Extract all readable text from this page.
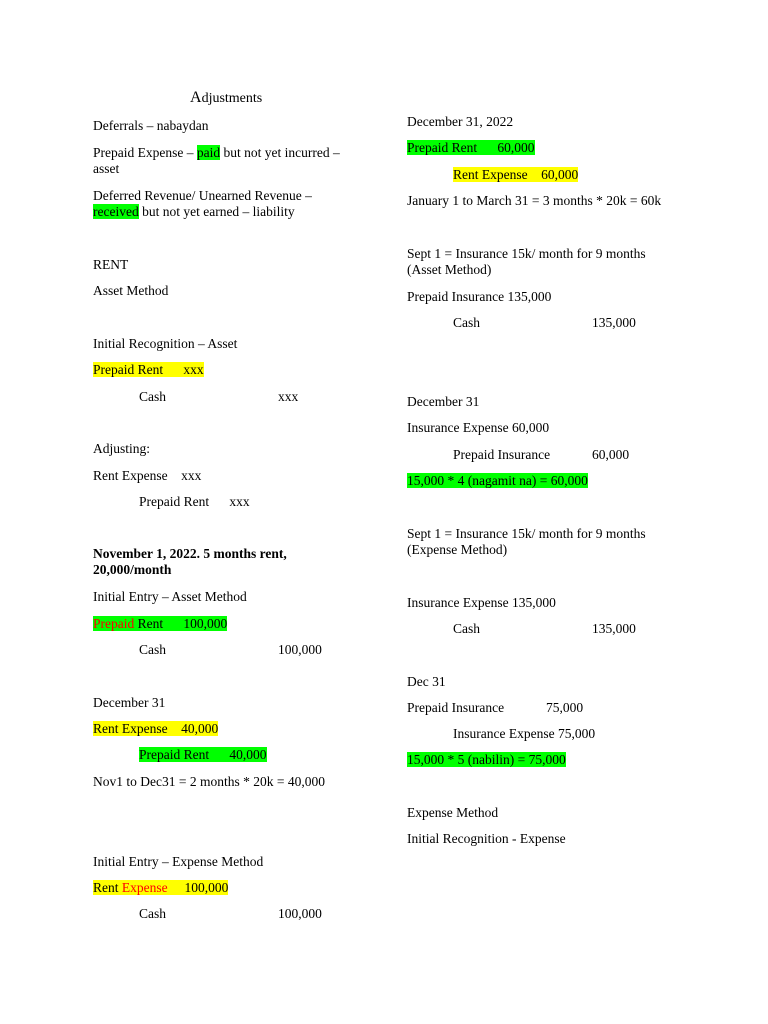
Adjustments
Deferrals – nabaydan
Prepaid Expense – paid but not yet incurred – asset
Deferred Revenue/ Unearned Revenue – received but not yet earned – liability
RENT
Asset Method
Initial Recognition – Asset
Prepaid Rent      xxx
Cash	xxx
Adjusting:
Rent Expense    xxx
Prepaid Rent      xxx
November 1, 2022. 5 months rent, 20,000/month
Initial Entry – Asset Method
Prepaid Rent      100,000
Cash	100,000
December 31
Rent Expense    40,000
Prepaid Rent      40,000
Nov1 to Dec31 = 2 months * 20k = 40,000
Initial Entry – Expense Method
Rent Expense     100,000
Cash	100,000
December 31, 2022
Prepaid Rent      60,000
Rent Expense    60,000
January 1 to March 31 = 3 months * 20k = 60k
Sept 1 = Insurance 15k/ month for 9 months (Asset Method)
Prepaid Insurance 135,000
Cash	135,000
December 31
Insurance Expense 60,000
Prepaid Insurance	60,000
15,000 * 4 (nagamit na) = 60,000
Sept 1 = Insurance 15k/ month for 9 months (Expense Method)
Insurance Expense 135,000
Cash	135,000
Dec 31
Prepaid Insurance	75,000
Insurance Expense 75,000
15,000 * 5 (nabilin) = 75,000
Expense Method
Initial Recognition - Expense
